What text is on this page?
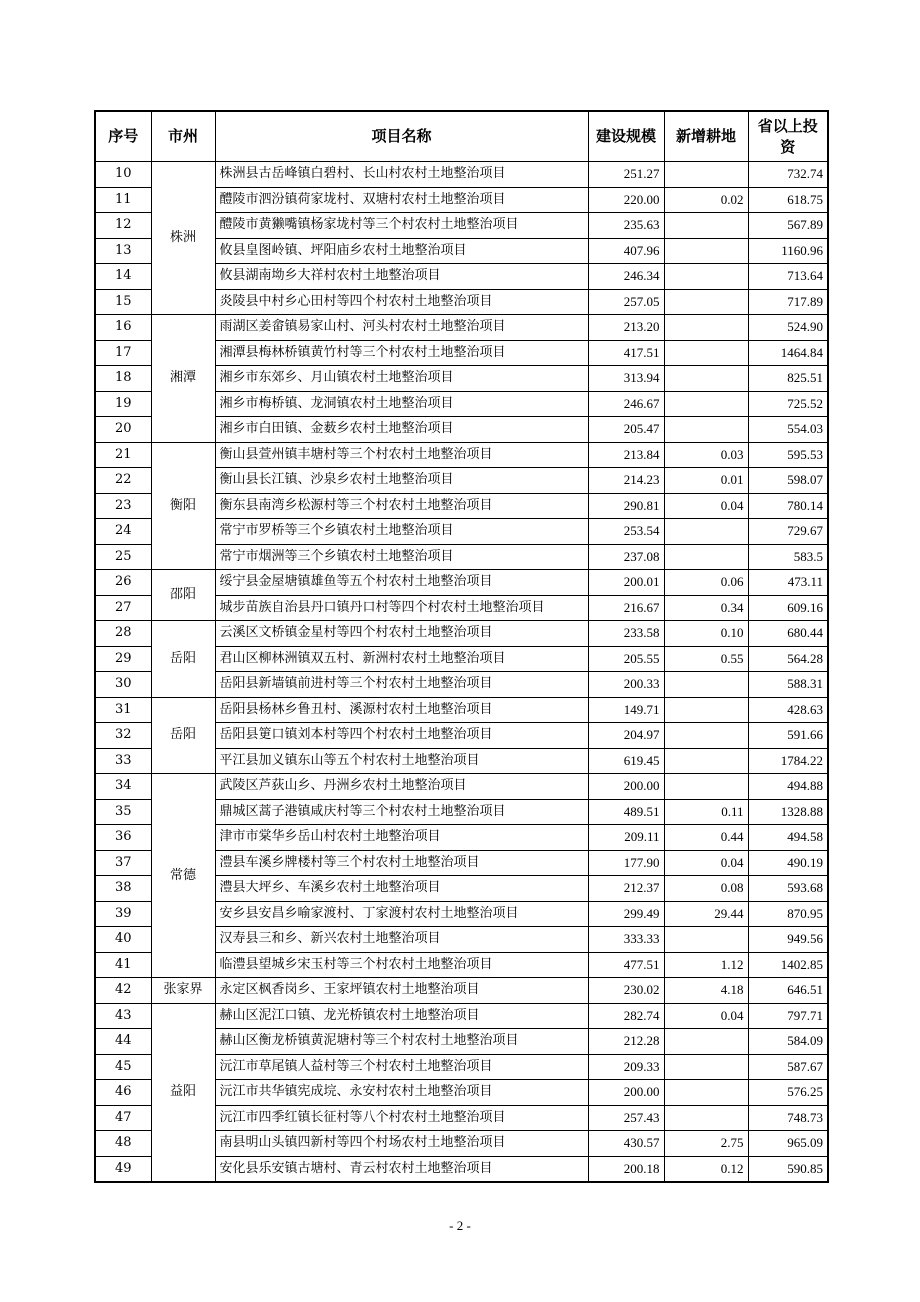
序号	市州	项目名称	建设规模	新增耕地	省以上投资
10	株洲	株洲县古岳峰镇白碧村、长山村农村土地整治项目	251.27		732.74
11		醴陵市泗汾镇荷家垅村、双塘村农村土地整治项目	220.00	0.02	618.75
12		醴陵市黄獭嘴镇杨家垅村等三个村农村土地整治项目	235.63		567.89
13		攸县皇图岭镇、坪阳庙乡农村土地整治项目	407.96		1160.96
14		攸县湖南坳乡大祥村农村土地整治项目	246.34		713.64
15		炎陵县中村乡心田村等四个村农村土地整治项目	257.05		717.89
16	湘潭	雨湖区姜畲镇易家山村、河头村农村土地整治项目	213.20		524.90
17		湘潭县梅林桥镇黄竹村等三个村农村土地整治项目	417.51		1464.84
18		湘乡市东郊乡、月山镇农村土地整治项目	313.94		825.51
19		湘乡市梅桥镇、龙洞镇农村土地整治项目	246.67		725.52
20		湘乡市白田镇、金薮乡农村土地整治项目	205.47		554.03
21	衡阳	衡山县萱州镇丰塘村等三个村农村土地整治项目	213.84	0.03	595.53
22		衡山县长江镇、沙泉乡农村土地整治项目	214.23	0.01	598.07
23		衡东县南湾乡松源村等三个村农村土地整治项目	290.81	0.04	780.14
24		常宁市罗桥等三个乡镇农村土地整治项目	253.54		729.67
25		常宁市烟洲等三个乡镇农村土地整治项目	237.08		583.5
26	邵阳	绥宁县金屋塘镇雄鱼等五个村农村土地整治项目	200.01	0.06	473.11
27		城步苗族自治县丹口镇丹口村等四个村农村土地整治项目	216.67	0.34	609.16
28	岳阳	云溪区文桥镇金星村等四个村农村土地整治项目	233.58	0.10	680.44
29		君山区柳林洲镇双五村、新洲村农村土地整治项目	205.55	0.55	564.28
30		岳阳县新墙镇前进村等三个村农村土地整治项目	200.33		588.31
31	岳阳	岳阳县杨林乡鲁丑村、溪源村农村土地整治项目	149.71		428.63
32		岳阳县筻口镇刘本村等四个村农村土地整治项目	204.97		591.66
33		平江县加义镇东山等五个村农村土地整治项目	619.45		1784.22
34	常德	武陵区芦荻山乡、丹洲乡农村土地整治项目	200.00		494.88
35		鼎城区蒿子港镇咸庆村等三个村农村土地整治项目	489.51	0.11	1328.88
36		津市市棠华乡岳山村农村土地整治项目	209.11	0.44	494.58
37		澧县车溪乡牌楼村等三个村农村土地整治项目	177.90	0.04	490.19
38		澧县大坪乡、车溪乡农村土地整治项目	212.37	0.08	593.68
39		安乡县安昌乡喻家渡村、丁家渡村农村土地整治项目	299.49	29.44	870.95
40		汉寿县三和乡、新兴农村土地整治项目	333.33		949.56
41		临澧县望城乡宋玉村等三个村农村土地整治项目	477.51	1.12	1402.85
42	张家界	永定区枫香岗乡、王家坪镇农村土地整治项目	230.02	4.18	646.51
43	益阳	赫山区泥江口镇、龙光桥镇农村土地整治项目	282.74	0.04	797.71
44		赫山区衡龙桥镇黄泥塘村等三个村农村土地整治项目	212.28		584.09
45		沅江市草尾镇人益村等三个村农村土地整治项目	209.33		587.67
46		沅江市共华镇宪成垸、永安村农村土地整治项目	200.00		576.25
47		沅江市四季红镇长征村等八个村农村土地整治项目	257.43		748.73
48		南县明山头镇四新村等四个村场农村土地整治项目	430.57	2.75	965.09
49		安化县乐安镇古塘村、青云村农村土地整治项目	200.18	0.12	590.85
- 2 -
